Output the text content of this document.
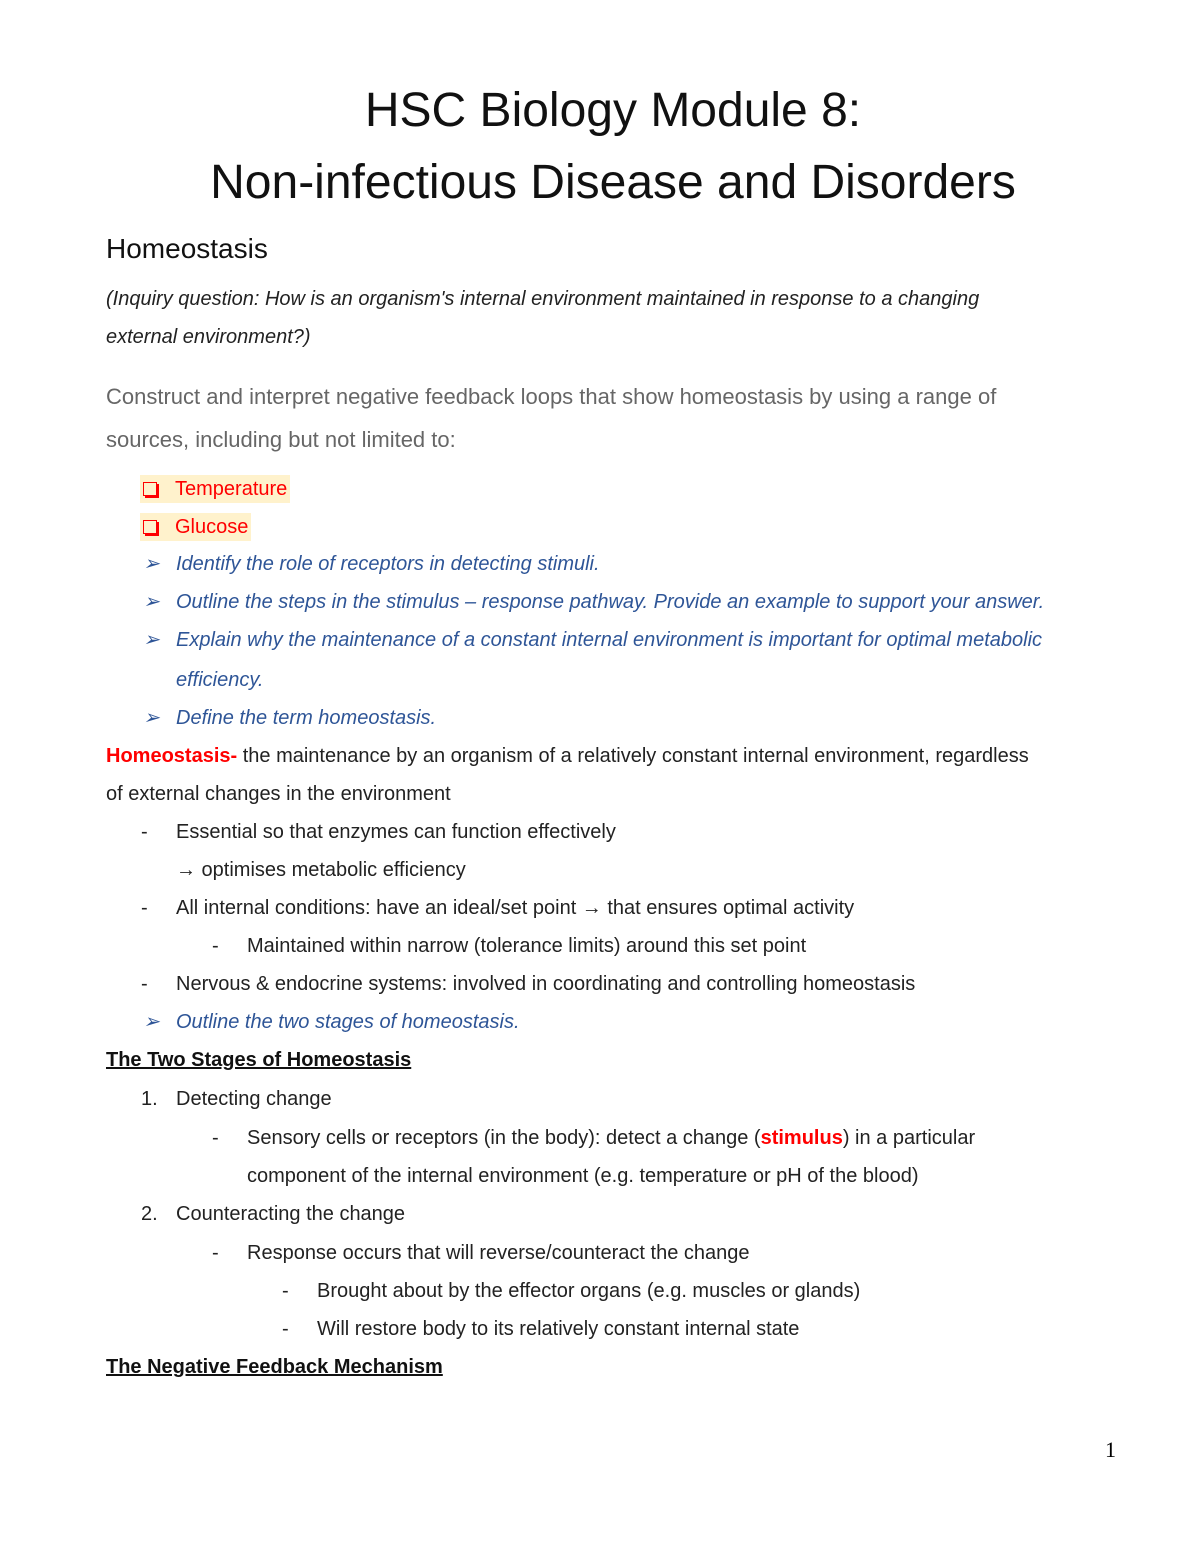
HSC Biology Module 8:
Non-infectious Disease and Disorders
Homeostasis
(Inquiry question: How is an organism's internal environment maintained in response to a changing
external environment?)
Construct and interpret negative feedback loops that show homeostasis by using a range of
sources, including but not limited to:
Temperature
Glucose
➢ Identify the role of receptors in detecting stimuli.
➢ Outline the steps in the stimulus – response pathway. Provide an example to support your answer.
➢ Explain why the maintenance of a constant internal environment is important for optimal metabolic
efficiency.
➢ Define the term homeostasis.
Homeostasis- the maintenance by an organism of a relatively constant internal environment, regardless
of external changes in the environment
- Essential so that enzymes can function effectively
→ optimises metabolic efficiency
- All internal conditions: have an ideal/set point → that ensures optimal activity
- Maintained within narrow (tolerance limits) around this set point
- Nervous & endocrine systems: involved in coordinating and controlling homeostasis
➢ Outline the two stages of homeostasis.
The Two Stages of Homeostasis
1. Detecting change
- Sensory cells or receptors (in the body): detect a change (stimulus) in a particular
component of the internal environment (e.g. temperature or pH of the blood)
2. Counteracting the change
- Response occurs that will reverse/counteract the change
- Brought about by the effector organs (e.g. muscles or glands)
- Will restore body to its relatively constant internal state
The Negative Feedback Mechanism
1
